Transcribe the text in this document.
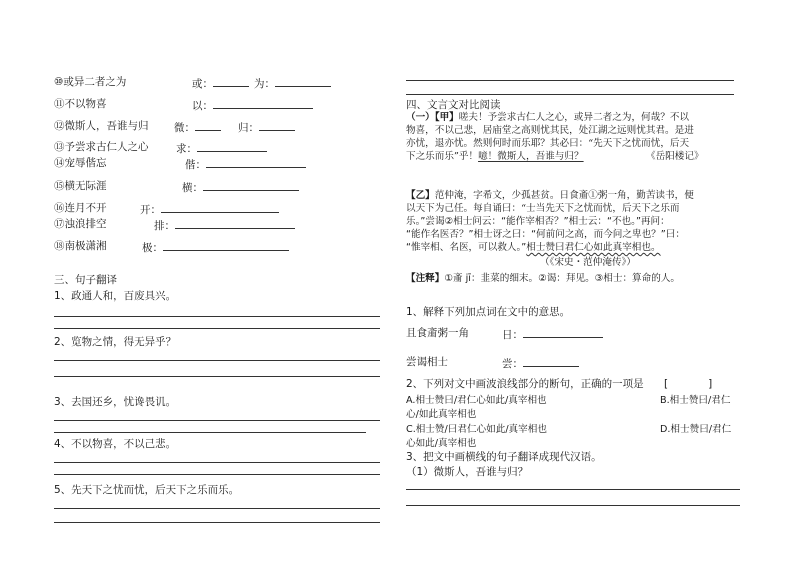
⑩或异二者之为	或：	为：
⑪不以物喜	以：
⑫微斯人，吾谁与归 微：	归：
⑬予尝求古仁人之心	求：
⑭宠辱偕忘	偕：
⑮横无际涯	横：
⑯连月不开	开：
⑰浊浪排空	排：
⑱南极潇湘	极：
三、句子翻译
1、政通人和，百废具兴。
2、览物之情，得无异乎？
3、去国还乡，忧谗畏讥。
4、不以物喜，不以己悲。
5、先天下之忧而忧，后天下之乐而乐。
四、文言文对比阅读
（一）【甲】嗟夫！予尝求古仁人之心，或异二者之为，何哉？不以
物喜，不以己悲，居庙堂之高则忧其民，处江湖之远则忧其君。是进
亦忧，退亦忧。然则何时而乐耶？其必曰：“先天下之忧而忧，后天
下之乐而乐”乎！噫！微斯人，吾谁与归？	《岳阳楼记》
【乙】范仲淹，字希文，少孤甚贫。日食齑①粥一角，勤苦读书，便
以天下为己任。每自诵曰：“士当先天下之忧而忧，后天下之乐而
乐。”尝谒②相士问云：“能作宰相否？”相士云：“不也。”再问：
“能作名医否？”相士讶之曰：“何前问之高，而今问之卑也？”曰：
“惟宰相、名医，可以救人。”相士赞曰君仁心如此真宰相也。
（《宋史・范仲淹传》）
【注释】①齑 jī：韭菜的细末。②谒：拜见。③相士：算命的人。
1、解释下列加点词在文中的意思。
且食齑粥一角	日：
尝谒相士	尝：
2、下列对文中画波浪线部分的断句，正确的一项是 [	]
A.相士赞曰/君仁心如此/真宰相也	B.相士赞曰/君仁
心/如此真宰相也
C.相士赞/曰君仁心如此/真宰相也	D.相士赞曰/君仁
心如此/真宰相也
3、把文中画横线的句子翻译成现代汉语。
（1）微斯人，吾谁与归？
